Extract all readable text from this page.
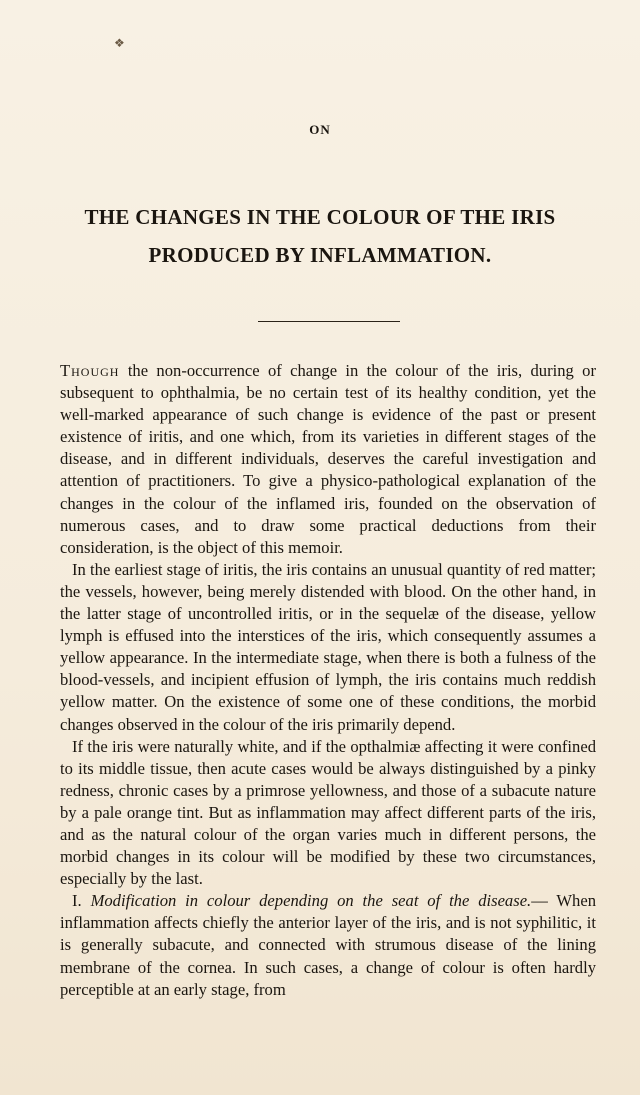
❖
ON
THE CHANGES IN THE COLOUR OF THE IRIS
PRODUCED BY INFLAMMATION.

Though the non-occurrence of change in the colour of the iris, during or subsequent to ophthalmia, be no certain test of its healthy condition, yet the well-marked appearance of such change is evidence of the past or present existence of iritis, and one which, from its varieties in different stages of the disease, and in different individuals, deserves the careful investigation and attention of practitioners. To give a physico-pathological explanation of the changes in the colour of the inflamed iris, founded on the observation of numerous cases, and to draw some practical deductions from their consideration, is the object of this memoir.

In the earliest stage of iritis, the iris contains an unusual quantity of red matter; the vessels, however, being merely distended with blood. On the other hand, in the latter stage of uncontrolled iritis, or in the sequelæ of the disease, yellow lymph is effused into the interstices of the iris, which consequently assumes a yellow appearance. In the intermediate stage, when there is both a fulness of the blood-vessels, and incipient effusion of lymph, the iris contains much reddish yellow matter. On the existence of some one of these conditions, the morbid changes observed in the colour of the iris primarily depend.

If the iris were naturally white, and if the opthalmiæ affecting it were confined to its middle tissue, then acute cases would be always distinguished by a pinky redness, chronic cases by a primrose yellowness, and those of a subacute nature by a pale orange tint. But as inflammation may affect different parts of the iris, and as the natural colour of the organ varies much in different persons, the morbid changes in its colour will be modified by these two circumstances, especially by the last.

I. Modification in colour depending on the seat of the disease.— When inflammation affects chiefly the anterior layer of the iris, and is not syphilitic, it is generally subacute, and connected with strumous disease of the lining membrane of the cornea. In such cases, a change of colour is often hardly perceptible at an early stage, from
